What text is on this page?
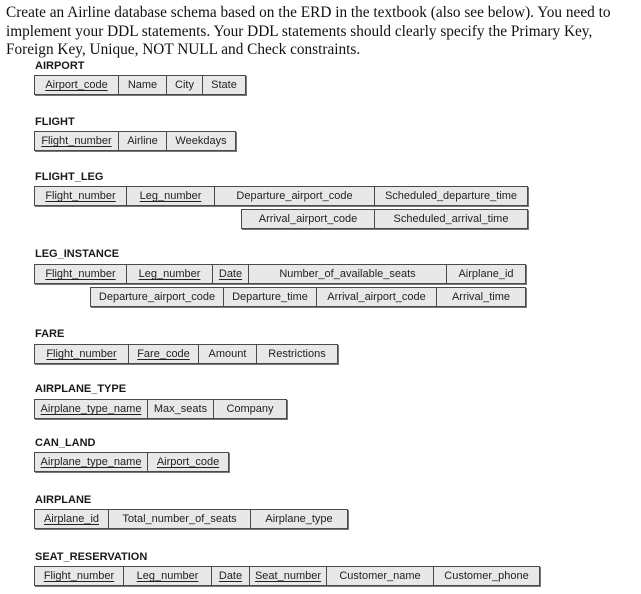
Create an Airline database schema based on the ERD in the textbook (also see below). You need to implement your DDL statements. Your DDL statements should clearly specify the Primary Key, Foreign Key, Unique, NOT NULL and Check constraints.
AIRPORT
Airport_code	Name	City	State
FLIGHT
Flight_number	Airline	Weekdays
FLIGHT_LEG
Flight_number	Leg_number	Departure_airport_code	Scheduled_departure_time
Arrival_airport_code	Scheduled_arrival_time
LEG_INSTANCE
Flight_number	Leg_number	Date	Number_of_available_seats	Airplane_id
Departure_airport_code	Departure_time	Arrival_airport_code	Arrival_time
FARE
Flight_number	Fare_code	Amount	Restrictions
AIRPLANE_TYPE
Airplane_type_name	Max_seats	Company
CAN_LAND
Airplane_type_name	Airport_code
AIRPLANE
Airplane_id	Total_number_of_seats	Airplane_type
SEAT_RESERVATION
Flight_number	Leg_number	Date	Seat_number	Customer_name	Customer_phone
